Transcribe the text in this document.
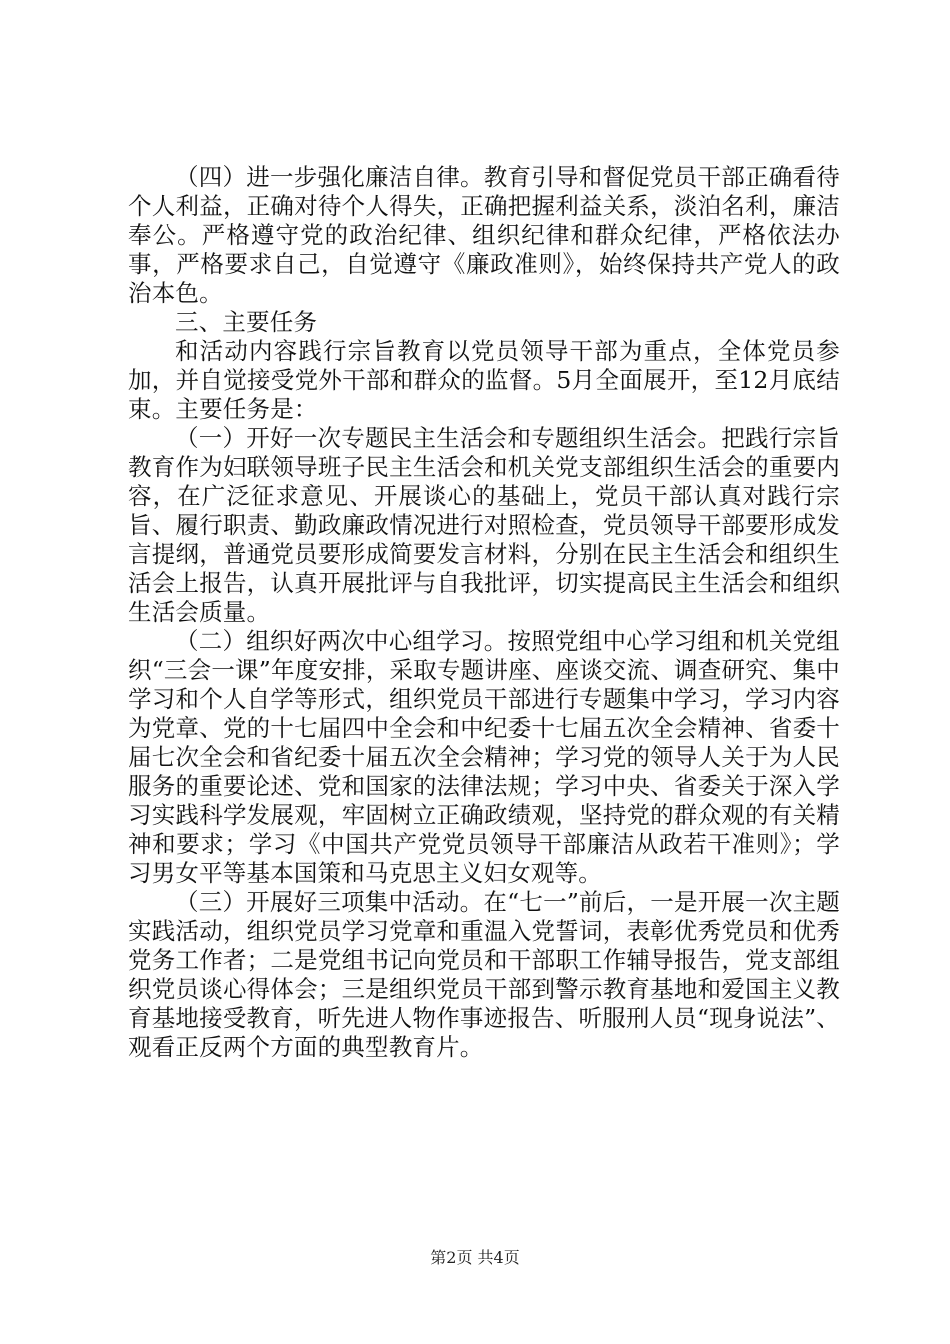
（四）进一步强化廉洁自律。教育引导和督促党员干部正确看待个人利益，正确对待个人得失，正确把握利益关系，淡泊名利，廉洁奉公。严格遵守党的政治纪律、组织纪律和群众纪律，严格依法办事，严格要求自己，自觉遵守《廉政准则》，始终保持共产党人的政治本色。

三、主要任务

和活动内容践行宗旨教育以党员领导干部为重点，全体党员参加，并自觉接受党外干部和群众的监督。5月全面展开，至12月底结束。主要任务是：

（一）开好一次专题民主生活会和专题组织生活会。把践行宗旨教育作为妇联领导班子民主生活会和机关党支部组织生活会的重要内容，在广泛征求意见、开展谈心的基础上，党员干部认真对践行宗旨、履行职责、勤政廉政情况进行对照检查，党员领导干部要形成发言提纲，普通党员要形成简要发言材料，分别在民主生活会和组织生活会上报告，认真开展批评与自我批评，切实提高民主生活会和组织生活会质量。

（二）组织好两次中心组学习。按照党组中心学习组和机关党组织“三会一课”年度安排，采取专题讲座、座谈交流、调查研究、集中学习和个人自学等形式，组织党员干部进行专题集中学习，学习内容为党章、党的十七届四中全会和中纪委十七届五次全会精神、省委十届七次全会和省纪委十届五次全会精神；学习党的领导人关于为人民服务的重要论述、党和国家的法律法规；学习中央、省委关于深入学习实践科学发展观，牢固树立正确政绩观，坚持党的群众观的有关精神和要求；学习《中国共产党党员领导干部廉洁从政若干准则》；学习男女平等基本国策和马克思主义妇女观等。

（三）开展好三项集中活动。在“七一”前后，一是开展一次主题实践活动，组织党员学习党章和重温入党誓词，表彰优秀党员和优秀党务工作者；二是党组书记向党员和干部职工作辅导报告，党支部组织党员谈心得体会；三是组织党员干部到警示教育基地和爱国主义教育基地接受教育，听先进人物作事迹报告、听服刑人员“现身说法”、观看正反两个方面的典型教育片。

第2页 共4页
